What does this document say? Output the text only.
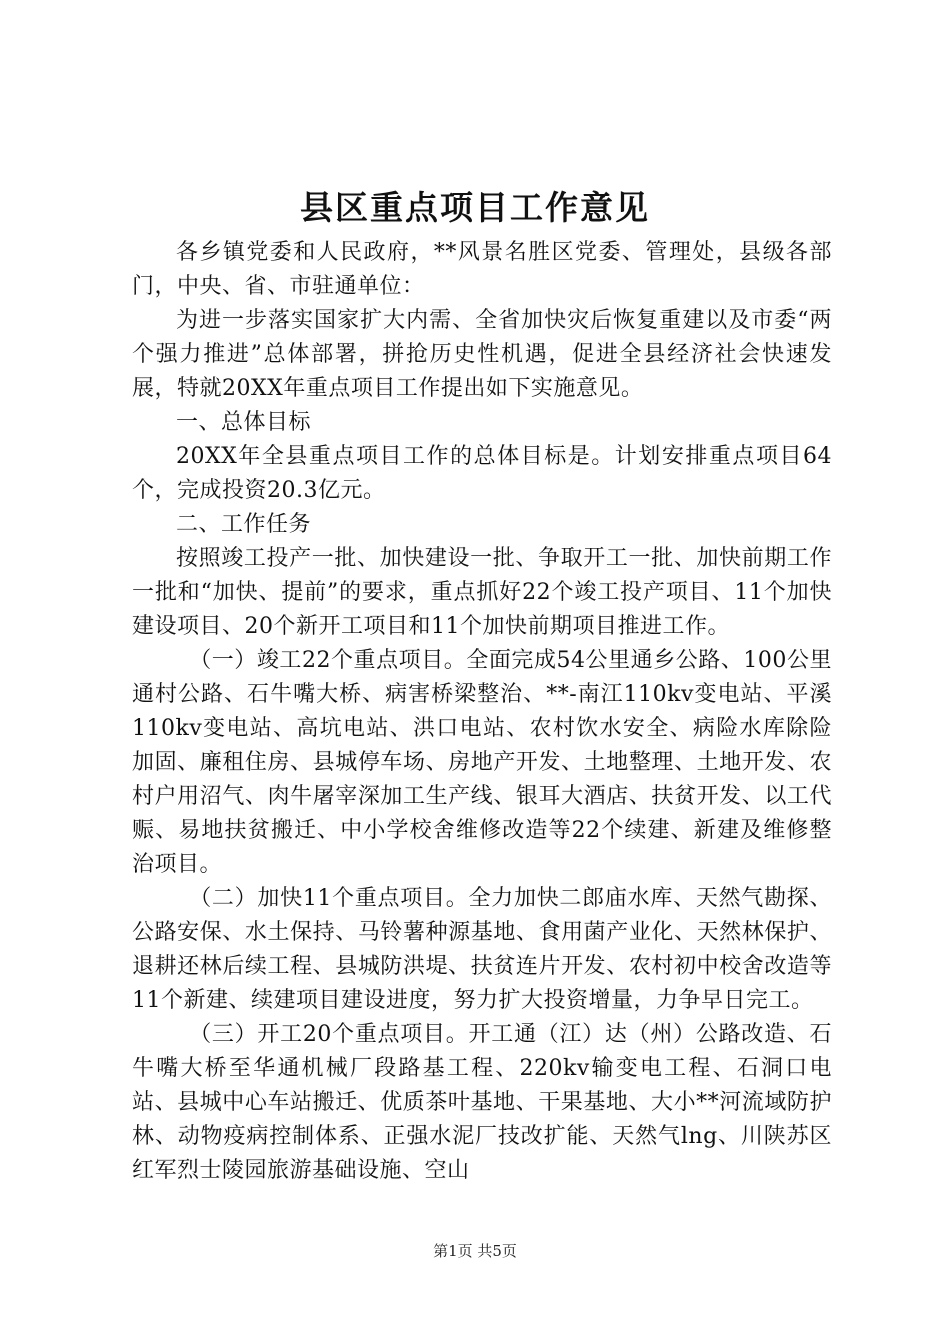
县区重点项目工作意见

各乡镇党委和人民政府，**风景名胜区党委、管理处，县级各部门，中央、省、市驻通单位：

为进一步落实国家扩大内需、全省加快灾后恢复重建以及市委“两个强力推进”总体部署，拼抢历史性机遇，促进全县经济社会快速发展，特就20XX年重点项目工作提出如下实施意见。

一、总体目标

20XX年全县重点项目工作的总体目标是。计划安排重点项目64个，完成投资20.3亿元。

二、工作任务

按照竣工投产一批、加快建设一批、争取开工一批、加快前期工作一批和“加快、提前”的要求，重点抓好22个竣工投产项目、11个加快建设项目、20个新开工项目和11个加快前期项目推进工作。

（一）竣工22个重点项目。全面完成54公里通乡公路、100公里通村公路、石牛嘴大桥、病害桥梁整治、**-南江110kv变电站、平溪110kv变电站、高坑电站、洪口电站、农村饮水安全、病险水库除险加固、廉租住房、县城停车场、房地产开发、土地整理、土地开发、农村户用沼气、肉牛屠宰深加工生产线、银耳大酒店、扶贫开发、以工代赈、易地扶贫搬迁、中小学校舍维修改造等22个续建、新建及维修整治项目。

（二）加快11个重点项目。全力加快二郎庙水库、天然气勘探、公路安保、水土保持、马铃薯种源基地、食用菌产业化、天然林保护、退耕还林后续工程、县城防洪堤、扶贫连片开发、农村初中校舍改造等11个新建、续建项目建设进度，努力扩大投资增量，力争早日完工。

（三）开工20个重点项目。开工通（江）达（州）公路改造、石牛嘴大桥至华通机械厂段路基工程、220kv输变电工程、石洞口电站、县城中心车站搬迁、优质茶叶基地、干果基地、大小**河流域防护林、动物疫病控制体系、正强水泥厂技改扩能、天然气lng、川陕苏区红军烈士陵园旅游基础设施、空山

第1页 共5页
